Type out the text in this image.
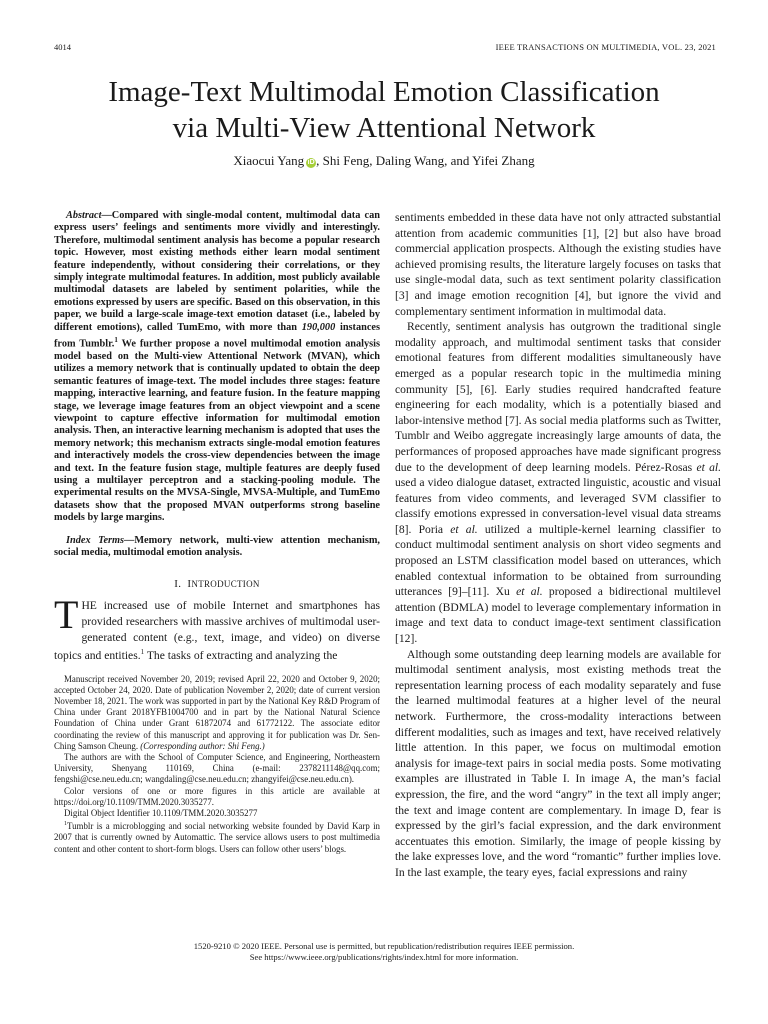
4014	IEEE TRANSACTIONS ON MULTIMEDIA, VOL. 23, 2021
Image-Text Multimodal Emotion Classification
via Multi-View Attentional Network
Xiaocui Yang iD , Shi Feng, Daling Wang, and Yifei Zhang

Abstract—Compared with single-modal content, multimodal data can express users’ feelings and sentiments more vividly and interestingly. Therefore, multimodal sentiment analysis has become a popular research topic. However, most existing methods either learn modal sentiment feature independently, without considering their correlations, or they simply integrate multimodal features. In addition, most publicly available multimodal datasets are labeled by sentiment polarities, while the emotions expressed by users are specific. Based on this observation, in this paper, we build a large-scale image-text emotion dataset (i.e., labeled by different emotions), called TumEmo, with more than 190,000 instances from Tumblr.$^1$ We further propose a novel multimodal emotion analysis model based on the Multi-view Attentional Network (MVAN), which utilizes a memory network that is continually updated to obtain the deep semantic features of image-text. The model includes three stages: feature mapping, interactive learning, and feature fusion. In the feature mapping stage, we leverage image features from an object viewpoint and a scene viewpoint to capture effective information for multimodal emotion analysis. Then, an interactive learning mechanism is adopted that uses the memory network; this mechanism extracts single-modal emotion features and interactively models the cross-view dependencies between the image and text. In the feature fusion stage, multiple features are deeply fused using a multilayer perceptron and a stacking-pooling module. The experimental results on the MVSA-Single, MVSA-Multiple, and TumEmo datasets show that the proposed MVAN outperforms strong baseline models by large margins.

Index Terms—Memory network, multi-view attention mechanism, social media, multimodal emotion analysis.

I. INTRODUCTION

THE increased use of mobile Internet and smartphones has provided researchers with massive archives of multimodal user-generated content (e.g., text, image, and video) on diverse topics and entities.$^1$ The tasks of extracting and analyzing the

Manuscript received November 20, 2019; revised April 22, 2020 and October 9, 2020; accepted October 24, 2020. Date of publication November 2, 2020; date of current version November 18, 2021. The work was supported in part by the National Key R&D Program of China under Grant 2018YFB1004700 and in part by the National Natural Science Foundation of China under Grant 61872074 and 61772122. The associate editor coordinating the review of this manuscript and approving it for publication was Dr. Sen-Ching Samson Cheung. (Corresponding author: Shi Feng.)

The authors are with the School of Computer Science, and Engineering, Northeastern University, Shenyang 110169, China (e-mail: 2378211148@qq.com; fengshi@cse.neu.edu.cn; wangdaling@cse.neu.edu.cn; zhangyifei@cse.neu.edu.cn).

Color versions of one or more figures in this article are available at https://doi.org/10.1109/TMM.2020.3035277.

Digital Object Identifier 10.1109/TMM.2020.3035277

$^1$Tumblr is a microblogging and social networking website founded by David Karp in 2007 that is currently owned by Automattic. The service allows users to post multimedia content and other content to short-form blogs. Users can follow other users’ blogs.

sentiments embedded in these data have not only attracted substantial attention from academic communities [1], [2] but also have broad commercial application prospects. Although the existing studies have achieved promising results, the literature largely focuses on tasks that use single-modal data, such as text sentiment polarity classification [3] and image emotion recognition [4], but ignore the vivid and complementary sentiment information in multimodal data.

Recently, sentiment analysis has outgrown the traditional single modality approach, and multimodal sentiment tasks that consider emotional features from different modalities simultaneously have emerged as a popular research topic in the multimedia mining community [5], [6]. Early studies required handcrafted feature engineering for each modality, which is a potentially biased and labor-intensive method [7]. As social media platforms such as Twitter, Tumblr and Weibo aggregate increasingly large amounts of data, the performances of proposed approaches have made significant progress due to the development of deep learning models. Pérez-Rosas et al. used a video dialogue dataset, extracted linguistic, acoustic and visual features from video comments, and leveraged SVM classifier to classify emotions expressed in conversation-level visual data streams [8]. Poria et al. utilized a multiple-kernel learning classifier to conduct multimodal sentiment analysis on short video segments and proposed an LSTM classification model based on utterances, which enabled contextual information to be obtained from surrounding utterances [9]–[11]. Xu et al. proposed a bidirectional multilevel attention (BDMLA) model to leverage complementary information in image and text data to conduct image-text sentiment classification [12].

Although some outstanding deep learning models are available for multimodal sentiment analysis, most existing methods treat the representation learning process of each modality separately and fuse the learned multimodal features at a higher level of the neural network. Furthermore, the cross-modality interactions between different modalities, such as images and text, have received relatively little attention. In this paper, we focus on multimodal emotion analysis for image-text pairs in social media posts. Some motivating examples are illustrated in Table I. In image A, the man’s facial expression, the fire, and the word “angry” in the text all imply anger; the text and image content are complementary. In image D, fear is expressed by the girl’s facial expression, and the dark environment accentuates this emotion. Similarly, the image of people kissing by the lake expresses love, and the word “romantic” further implies love. In the last example, the teary eyes, facial expressions and rainy

1520-9210 © 2020 IEEE. Personal use is permitted, but republication/redistribution requires IEEE permission.
See https://www.ieee.org/publications/rights/index.html for more information.
